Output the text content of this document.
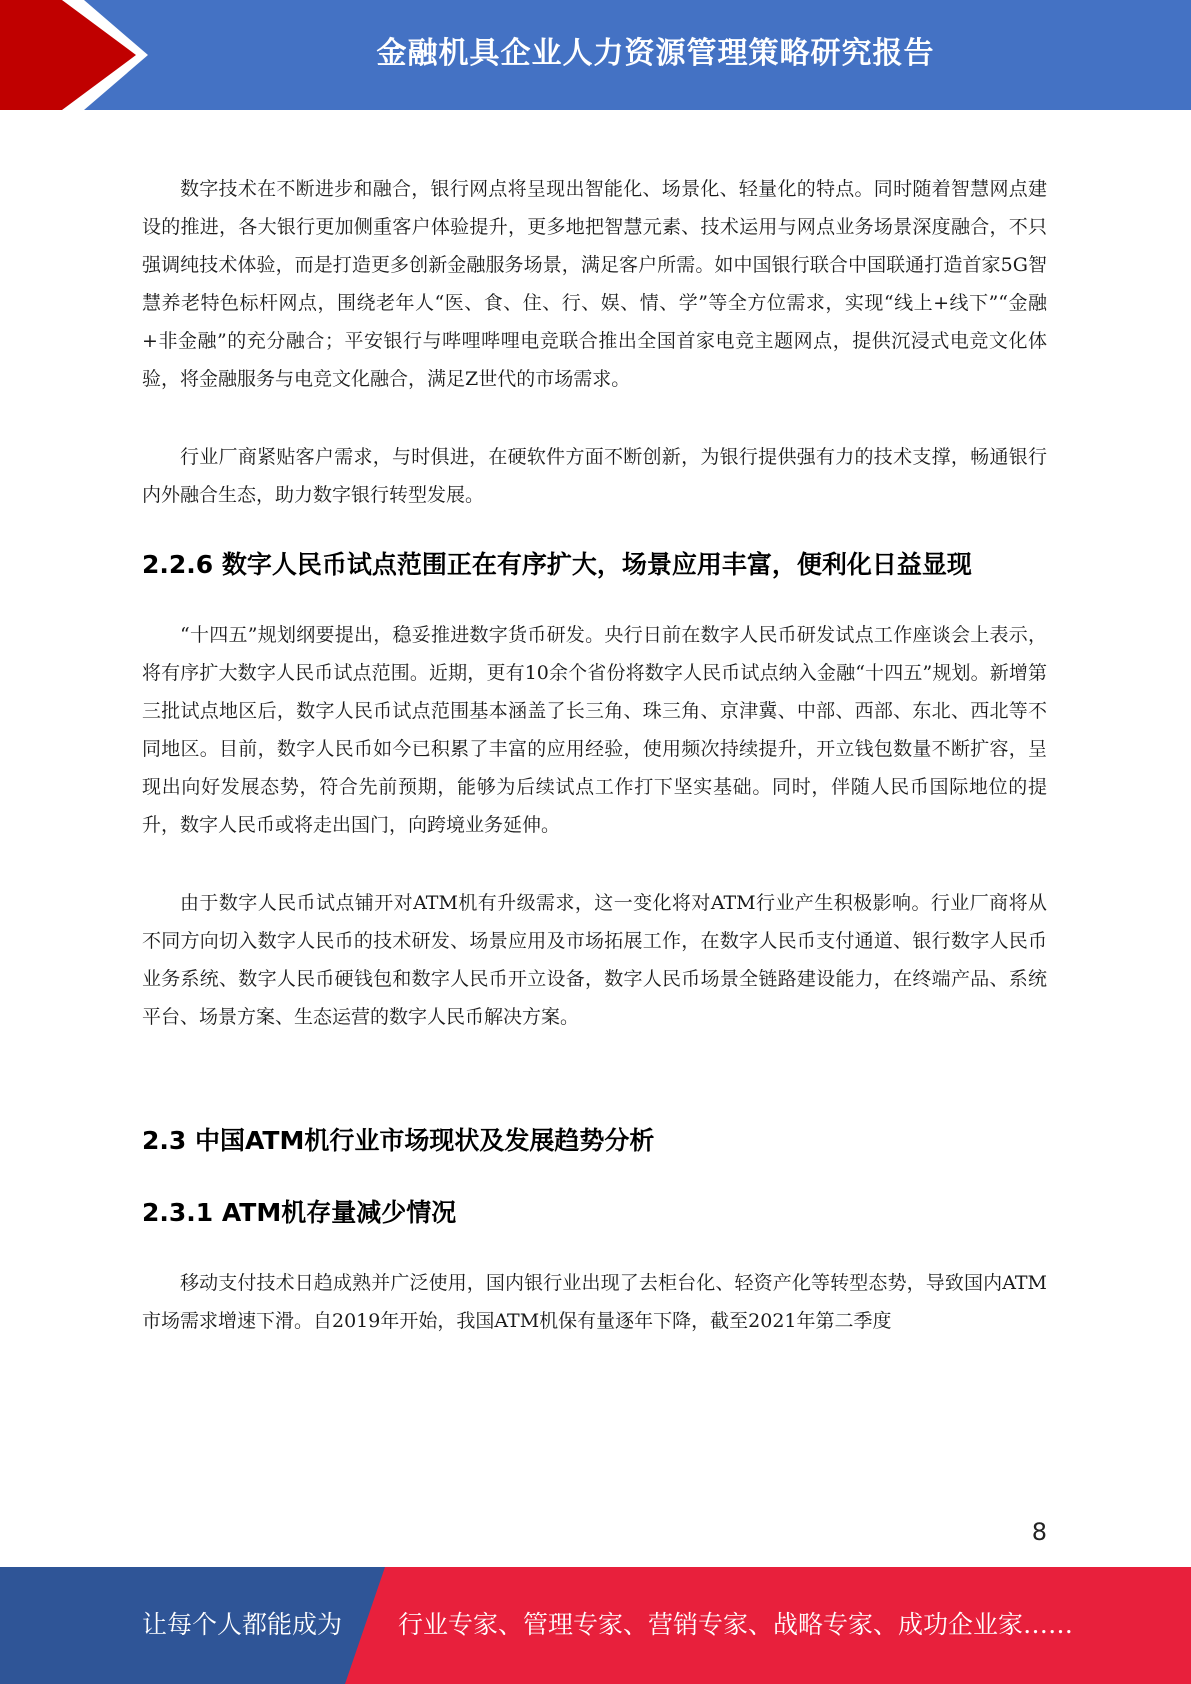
金融机具企业人力资源管理策略研究报告

数字技术在不断进步和融合，银行网点将呈现出智能化、场景化、轻量化的特点。同时随着智慧网点建设的推进，各大银行更加侧重客户体验提升，更多地把智慧元素、技术运用与网点业务场景深度融合，不只强调纯技术体验，而是打造更多创新金融服务场景，满足客户所需。如中国银行联合中国联通打造首家5G智慧养老特色标杆网点，围绕老年人“医、食、住、行、娱、情、学”等全方位需求，实现“线上+线下”“金融+非金融”的充分融合；平安银行与哔哩哔哩电竞联合推出全国首家电竞主题网点，提供沉浸式电竞文化体验，将金融服务与电竞文化融合，满足Z世代的市场需求。

行业厂商紧贴客户需求，与时俱进，在硬软件方面不断创新，为银行提供强有力的技术支撑，畅通银行内外融合生态，助力数字银行转型发展。

2.2.6 数字人民币试点范围正在有序扩大，场景应用丰富，便利化日益显现

“十四五”规划纲要提出，稳妥推进数字货币研发。央行日前在数字人民币研发试点工作座谈会上表示，将有序扩大数字人民币试点范围。近期，更有10余个省份将数字人民币试点纳入金融“十四五”规划。新增第三批试点地区后，数字人民币试点范围基本涵盖了长三角、珠三角、京津冀、中部、西部、东北、西北等不同地区。目前，数字人民币如今已积累了丰富的应用经验，使用频次持续提升，开立钱包数量不断扩容，呈现出向好发展态势，符合先前预期，能够为后续试点工作打下坚实基础。同时，伴随人民币国际地位的提升，数字人民币或将走出国门，向跨境业务延伸。

由于数字人民币试点铺开对ATM机有升级需求，这一变化将对ATM行业产生积极影响。行业厂商将从不同方向切入数字人民币的技术研发、场景应用及市场拓展工作，在数字人民币支付通道、银行数字人民币业务系统、数字人民币硬钱包和数字人民币开立设备，数字人民币场景全链路建设能力，在终端产品、系统平台、场景方案、生态运营的数字人民币解决方案。

2.3 中国ATM机行业市场现状及发展趋势分析
2.3.1 ATM机存量减少情况

移动支付技术日趋成熟并广泛使用，国内银行业出现了去柜台化、轻资产化等转型态势，导致国内ATM市场需求增速下滑。自2019年开始，我国ATM机保有量逐年下降，截至2021年第二季度

8
让每个人都能成为 行业专家、管理专家、营销专家、战略专家、成功企业家……
